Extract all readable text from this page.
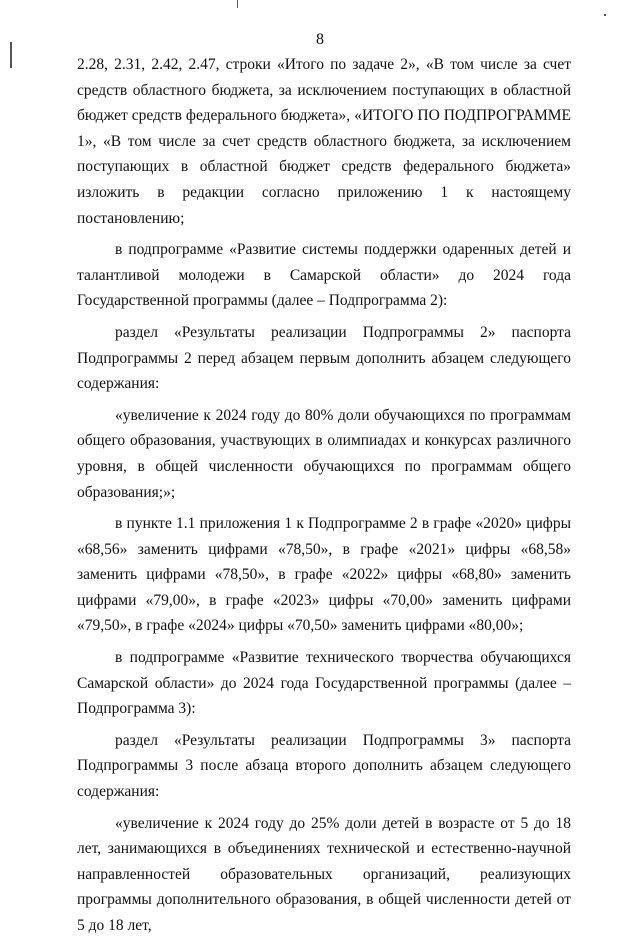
8

2.28, 2.31, 2.42, 2.47, строки «Итого по задаче 2», «В том числе за счет средств областного бюджета, за исключением поступающих в областной бюджет средств федерального бюджета», «ИТОГО ПО ПОДПРОГРАММЕ 1», «В том числе за счет средств областного бюджета, за исключением поступающих в областной бюджет средств федерального бюджета» изложить в редакции согласно приложению 1 к настоящему постановлению;

в подпрограмме «Развитие системы поддержки одаренных детей и талантливой молодежи в Самарской области» до 2024 года Государственной программы (далее – Подпрограмма 2):

раздел «Результаты реализации Подпрограммы 2» паспорта Подпрограммы 2 перед абзацем первым дополнить абзацем следующего содержания:

«увеличение к 2024 году до 80% доли обучающихся по программам общего образования, участвующих в олимпиадах и конкурсах различного уровня, в общей численности обучающихся по программам общего образования;»;

в пункте 1.1 приложения 1 к Подпрограмме 2 в графе «2020» цифры «68,56» заменить цифрами «78,50», в графе «2021» цифры «68,58» заменить цифрами «78,50», в графе «2022» цифры «68,80» заменить цифрами «79,00», в графе «2023» цифры «70,00» заменить цифрами «79,50», в графе «2024» цифры «70,50» заменить цифрами «80,00»;

в подпрограмме «Развитие технического творчества обучающихся Самарской области» до 2024 года Государственной программы (далее – Подпрограмма 3):

раздел «Результаты реализации Подпрограммы 3» паспорта Подпрограммы 3 после абзаца второго дополнить абзацем следующего содержания:

«увеличение к 2024 году до 25% доли детей в возрасте от 5 до 18 лет, занимающихся в объединениях технической и естественно-научной направленностей образовательных организаций, реализующих программы дополнительного образования, в общей численности детей от 5 до 18 лет,
